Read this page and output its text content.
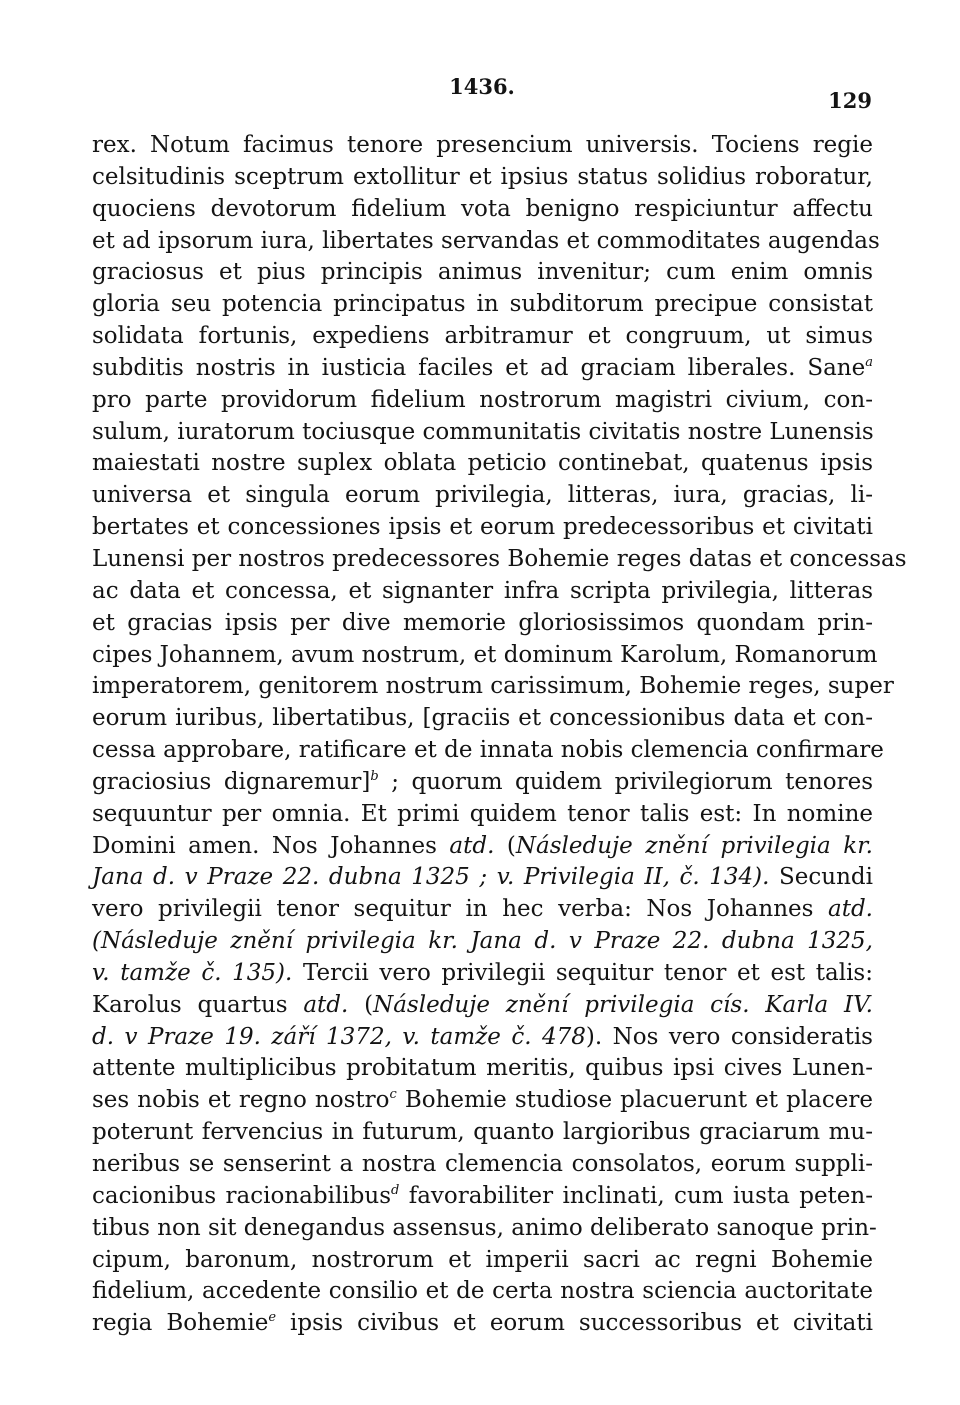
1436.
129
rex. Notum facimus tenore presencium universis. Tociens regie
celsitudinis sceptrum extollitur et ipsius status solidius roboratur,
quociens devotorum fidelium vota benigno respiciuntur affectu
et ad ipsorum iura, libertates servandas et commoditates augendas
graciosus et pius principis animus invenitur; cum enim omnis
gloria seu potencia principatus in subditorum precipue consistat
solidata fortunis, expediens arbitramur et congruum, ut simus
subditis nostris in iusticia faciles et ad graciam liberales. Sane$^a$
pro parte providorum fidelium nostrorum magistri civium, con-
sulum, iuratorum tociusque communitatis civitatis nostre Lunensis
maiestati nostre suplex oblata peticio continebat, quatenus ipsis
universa et singula eorum privilegia, litteras, iura, gracias, li-
bertates et concessiones ipsis et eorum predecessoribus et civitati
Lunensi per nostros predecessores Bohemie reges datas et concessas
ac data et concessa, et signanter infra scripta privilegia, litteras
et gracias ipsis per dive memorie gloriosissimos quondam prin-
cipes Johannem, avum nostrum, et dominum Karolum, Romanorum
imperatorem, genitorem nostrum carissimum, Bohemie reges, super
eorum iuribus, libertatibus, [graciis et concessionibus data et con-
cessa approbare, ratificare et de innata nobis clemencia confirmare
graciosius dignaremur]$^b$ ; quorum quidem privilegiorum tenores
sequuntur per omnia. Et primi quidem tenor talis est: In nomine
Domini amen. Nos Johannes atd. (Následuje znění privilegia kr.
Jana d. v Praze 22. dubna 1325 ; v. Privilegia II, č. 134). Secundi
vero privilegii tenor sequitur in hec verba: Nos Johannes atd.
(Následuje znění privilegia kr. Jana d. v Praze 22. dubna 1325,
v. tamže č. 135). Tercii vero privilegii sequitur tenor et est talis:
Karolus quartus atd. (Následuje znění privilegia cís. Karla IV.
d. v Praze 19. září 1372, v. tamže č. 478). Nos vero consideratis
attente multiplicibus probitatum meritis, quibus ipsi cives Lunen-
ses nobis et regno nostro$^c$ Bohemie studiose placuerunt et placere
poterunt fervencius in futurum, quanto largioribus graciarum mu-
neribus se senserint a nostra clemencia consolatos, eorum suppli-
cacionibus racionabilibus$^d$ favorabiliter inclinati, cum iusta peten-
tibus non sit denegandus assensus, animo deliberato sanoque prin-
cipum, baronum, nostrorum et imperii sacri ac regni Bohemie
fidelium, accedente consilio et de certa nostra sciencia auctoritate
regia Bohemie$^e$ ipsis civibus et eorum successoribus et civitati
